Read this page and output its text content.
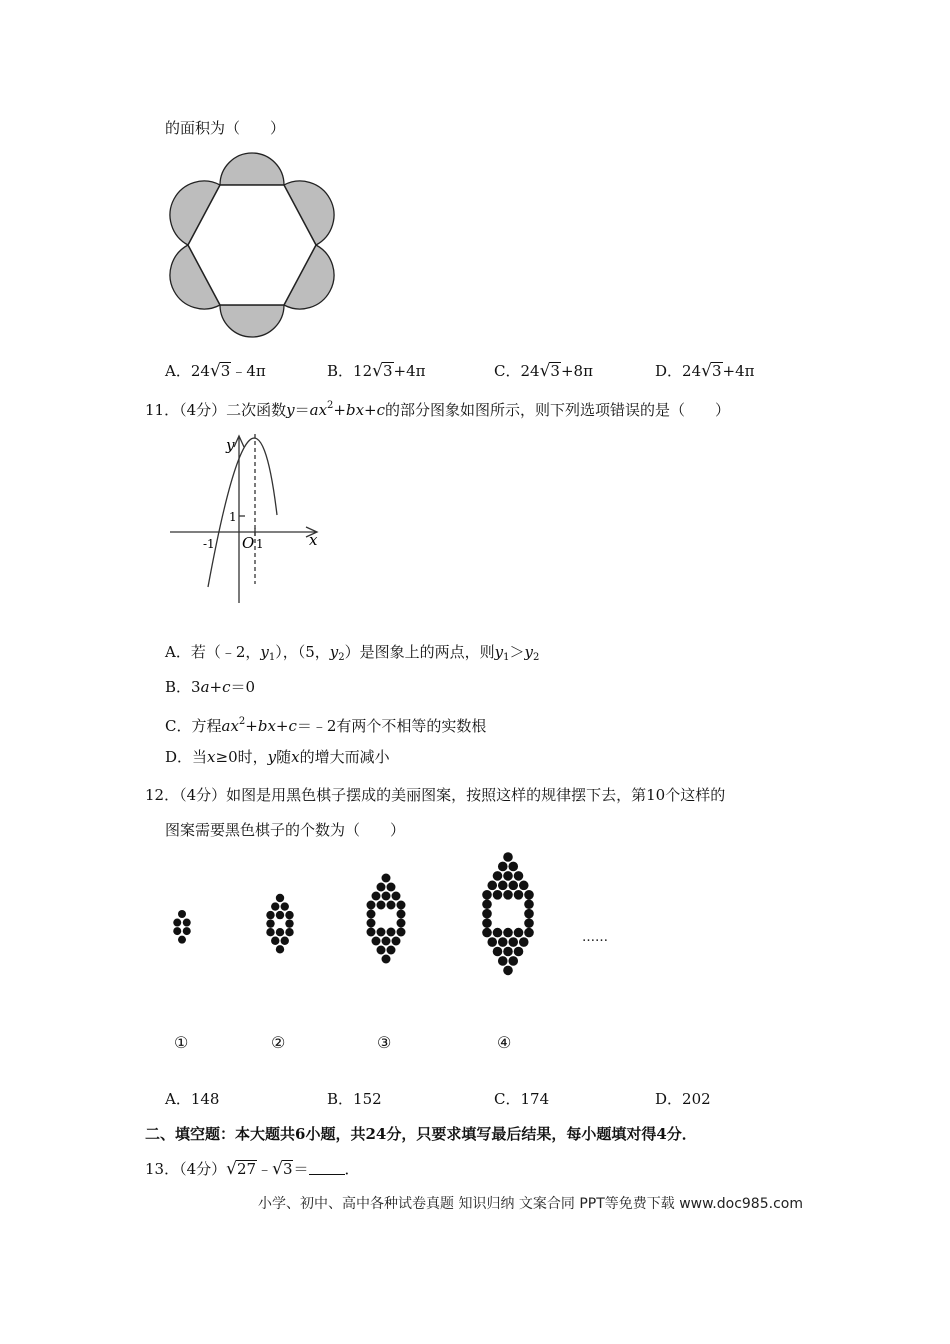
的面积为（　　）
A．24√3﹣4π	B．12√3+4π	C．24√3+8π	D．24√3+4π
11．（4分）二次函数$y=ax^2+bx+c$的部分图象如图所示，则下列选项错误的是（　　）
y
x
O 1
1
-1
A．若（﹣2，$y_1$），（5，$y_2$）是图象上的两点，则$y_1>y_2$
B．3a+c＝0
C．方程$ax^2+bx+c=﹣2$有两个不相等的实数根
D．当x≥0时，y随x的增大而减小
12．（4分）如图是用黑色棋子摆成的美丽图案，按照这样的规律摆下去，第10个这样的
图案需要黑色棋子的个数为（　　）
……
①	②	③	④
A．148	B．152	C．174	D．202
二、填空题：本大题共6小题，共24分，只要求填写最后结果，每小题填对得4分．
13．（4分）√27﹣√3＝ ．
小学、初中、高中各种试卷真题 知识归纳 文案合同 PPT等免费下载 www.doc985.com
